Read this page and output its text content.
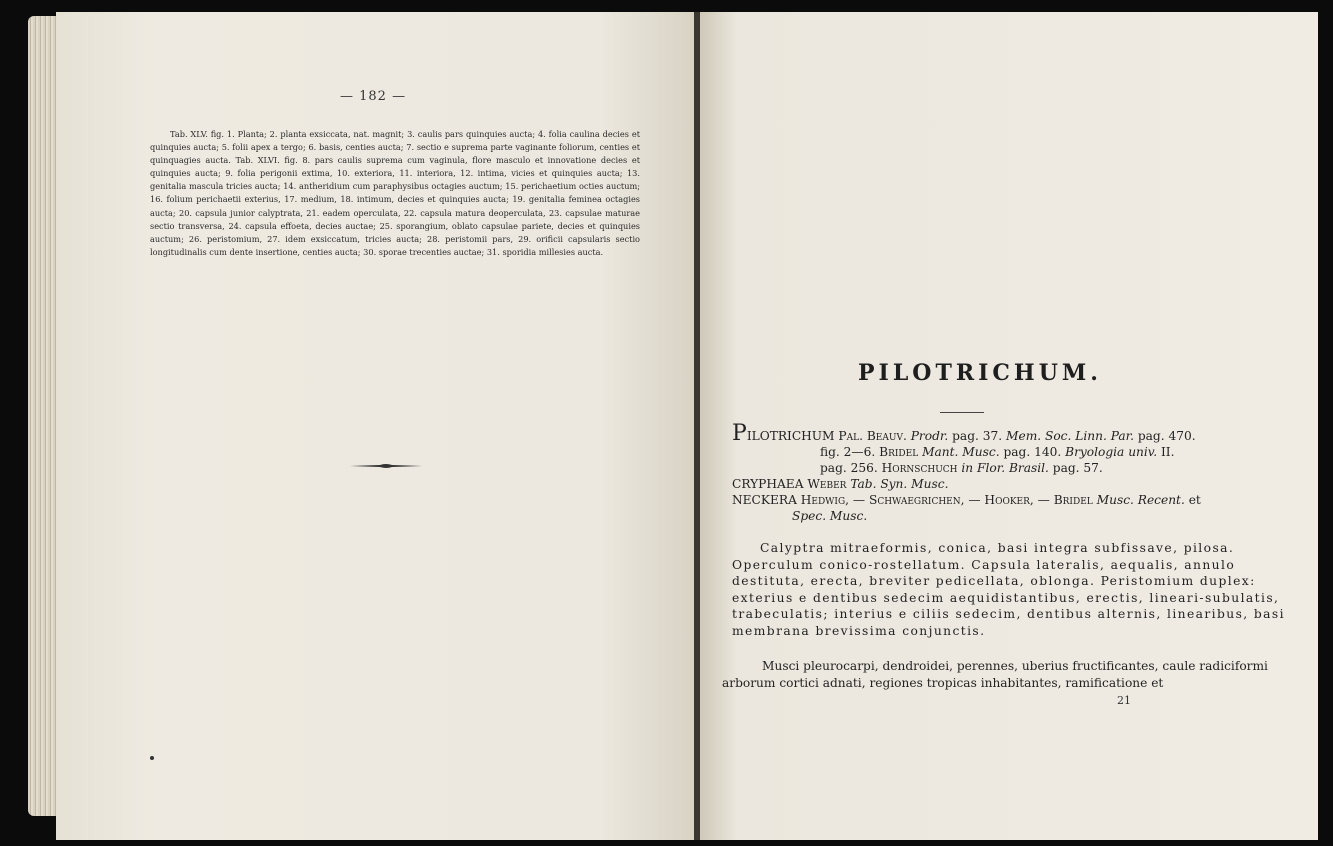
— 182 —

Tab. XLV. fig. 1. Planta; 2. planta exsiccata, nat. magnit; 3. caulis pars quinquies aucta; 4. folia caulina decies et quinquies aucta; 5. folii apex a tergo; 6. basis, centies aucta; 7. sectio e suprema parte vaginante foliorum, centies et quinquagies aucta. Tab. XLVI. fig. 8. pars caulis suprema cum vaginula, flore masculo et innovatione decies et quinquies aucta; 9. folia perigonii extima, 10. exteriora, 11. interiora, 12. intima, vicies et quinquies aucta; 13. genitalia mascula tricies aucta; 14. antheridium cum paraphysibus octagies auctum; 15. perichaetium octies auctum; 16. folium perichaetii exterius, 17. medium, 18. intimum, decies et quinquies aucta; 19. genitalia feminea octagies aucta; 20. capsula junior calyptrata, 21. eadem operculata, 22. capsula matura deoperculata, 23. capsulae maturae sectio transversa, 24. capsula effoeta, decies auctae; 25. sporangium, oblato capsulae pariete, decies et quinquies auctum; 26. peristomium, 27. idem exsiccatum, tricies aucta; 28. peristomii pars, 29. orificii capsularis sectio longitudinalis cum dente insertione, centies aucta; 30. sporae trecenties auctae; 31. sporidia millesies aucta.

PILOTRICHUM.
PILOTRICHUM Pal. Beauv. Prodr. pag. 37. Mem. Soc. Linn. Par. pag. 470.
fig. 2—6. Bridel Mant. Musc. pag. 140. Bryologia univ. II.
pag. 256. Hornschuch in Flor. Brasil. pag. 57.
CRYPHAEA Weber Tab. Syn. Musc.
NECKERA Hedwig, — Schwaegrichen, — Hooker, — Bridel Musc. Recent. et
Spec. Musc.

Calyptra mitraeformis, conica, basi integra subfissave, pilosa. Operculum conico-rostellatum. Capsula lateralis, aequalis, annulo destituta, erecta, breviter pedicellata, oblonga. Peristomium duplex: exterius e dentibus sedecim aequidistantibus, erectis, lineari-subulatis, trabeculatis; interius e ciliis sedecim, dentibus alternis, linearibus, basi membrana brevissima conjunctis.

Musci pleurocarpi, dendroidei, perennes, uberius fructificantes, caule radiciformi arborum cortici adnati, regiones tropicas inhabitantes, ramificatione et

21
